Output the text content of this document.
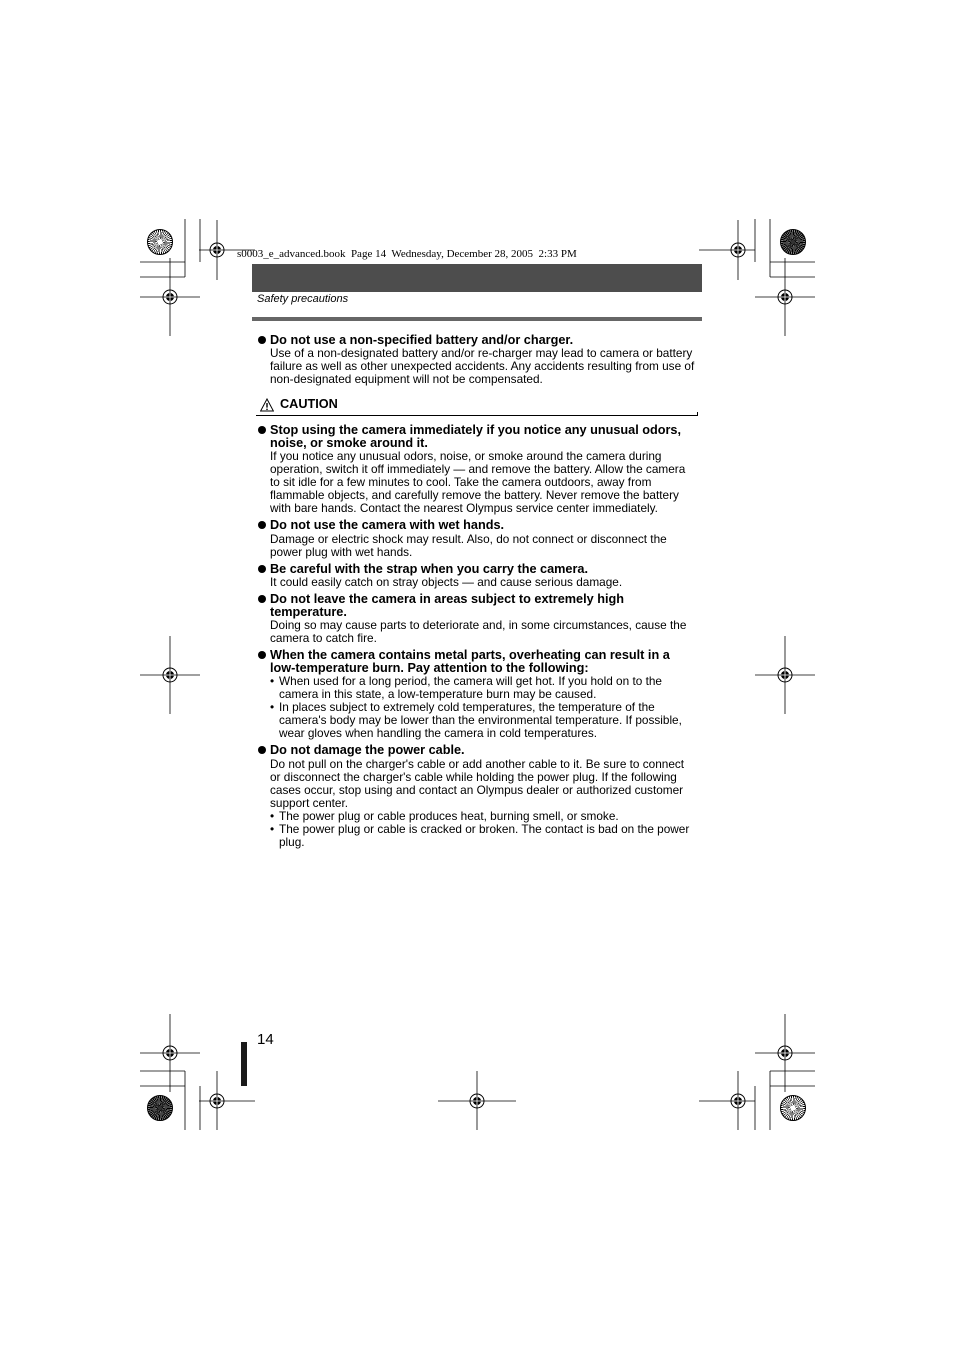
s0003_e_advanced.book  Page 14  Wednesday, December 28, 2005  2:33 PM
Safety precautions
Do not use a non-specified battery and/or charger.
Use of a non-designated battery and/or re-charger may lead to camera or battery
failure as well as other unexpected accidents. Any accidents resulting from use of
non-designated equipment will not be compensated.
CAUTION
Stop using the camera immediately if you notice any unusual odors,
noise, or smoke around it.
If you notice any unusual odors, noise, or smoke around the camera during
operation, switch it off immediately — and remove the battery. Allow the camera
to sit idle for a few minutes to cool. Take the camera outdoors, away from
flammable objects, and carefully remove the battery. Never remove the battery
with bare hands. Contact the nearest Olympus service center immediately.
Do not use the camera with wet hands.
Damage or electric shock may result. Also, do not connect or disconnect the
power plug with wet hands.
Be careful with the strap when you carry the camera.
It could easily catch on stray objects — and cause serious damage.
Do not leave the camera in areas subject to extremely high
temperature.
Doing so may cause parts to deteriorate and, in some circumstances, cause the
camera to catch fire.
When the camera contains metal parts, overheating can result in a
low-temperature burn. Pay attention to the following:
• When used for a long period, the camera will get hot. If you hold on to the
camera in this state, a low-temperature burn may be caused.
• In places subject to extremely cold temperatures, the temperature of the
camera's body may be lower than the environmental temperature. If possible,
wear gloves when handling the camera in cold temperatures.
Do not damage the power cable.
Do not pull on the charger's cable or add another cable to it. Be sure to connect
or disconnect the charger's cable while holding the power plug. If the following
cases occur, stop using and contact an Olympus dealer or authorized customer
support center.
• The power plug or cable produces heat, burning smell, or smoke.
• The power plug or cable is cracked or broken. The contact is bad on the power
plug.
14
